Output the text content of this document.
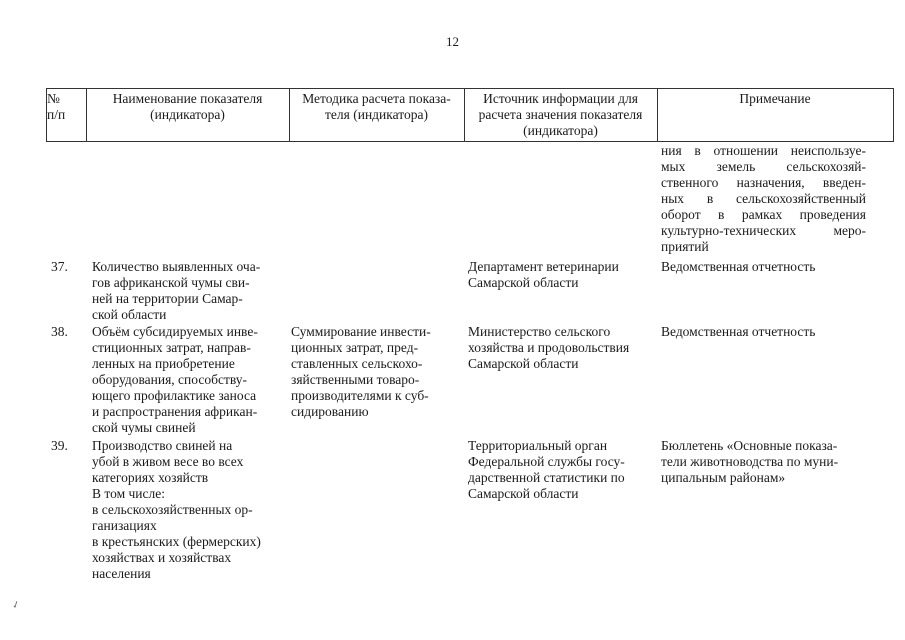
12
№
п/п
Наименование показателя
(индикатора)
Методика расчета показа-
теля (индикатора)
Источник информации для
расчета значения показателя
(индикатора)
Примечание
ния в отношении неиспользуе-
мых земель сельскохозяй-
ственного назначения, введен-
ных в сельскохозяйственный
оборот в рамках проведения
культурно-технических меро-
приятий
37. Количество выявленных оча-
гов африканской чумы сви-
ней на территории Самар-
ской области
Департамент ветеринарии
Самарской области
Ведомственная отчетность
38. Объём субсидируемых инве-
стиционных затрат, направ-
ленных на приобретение
оборудования, способству-
ющего профилактике заноса
и распространения африкан-
ской чумы свиней
Суммирование инвести-
ционных затрат, пред-
ставленных сельскохо-
зяйственными товаро-
производителями к суб-
сидированию
Министерство сельского
хозяйства и продовольствия
Самарской области
Ведомственная отчетность
39. Производство свиней на
убой в живом весе во всех
категориях хозяйств
В том числе:
в сельскохозяйственных ор-
ганизациях
в крестьянских (фермерских)
хозяйствах и хозяйствах
населения
Территориальный орган
Федеральной службы госу-
дарственной статистики по
Самарской области
Бюллетень «Основные показа-
тели животноводства по муни-
ципальным районам»
✓
